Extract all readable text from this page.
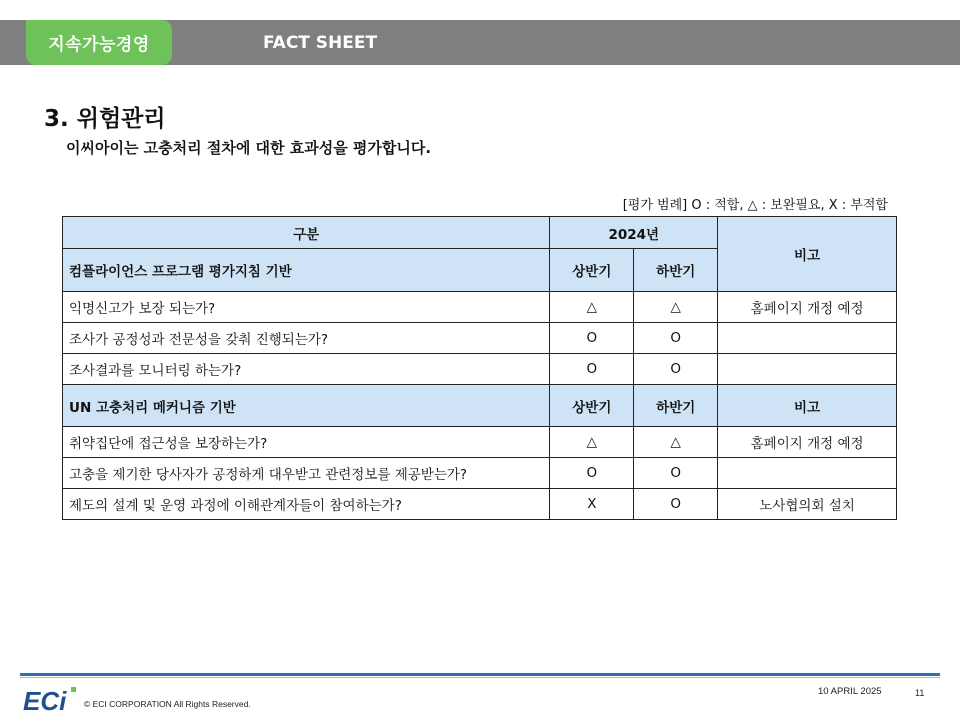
지속가능경영	FACT SHEET
3. 위험관리
이씨아이는 고충처리 절차에 대한 효과성을 평가합니다.
[평가 범례] O : 적합, △ : 보완필요, X : 부적합
구분	2024년		비고
컴플라이언스 프로그램 평가지침 기반	상반기	하반기	
익명신고가 보장 되는가?	△	△	홈페이지 개정 예정
조사가 공정성과 전문성을 갖춰 진행되는가?	O	O	
조사결과를 모니터링 하는가?	O	O	
UN 고충처리 메커니즘 기반	상반기	하반기	비고
취약집단에 접근성을 보장하는가?	△	△	홈페이지 개정 예정
고충을 제기한 당사자가 공정하게 대우받고 관련정보를 제공받는가?	O	O	
제도의 설계 및 운영 과정에 이해관계자들이 참여하는가?	X	O	노사협의회 설치
ECi © ECI CORPORATION All Rights Reserved.
10 APRIL 2025	11
